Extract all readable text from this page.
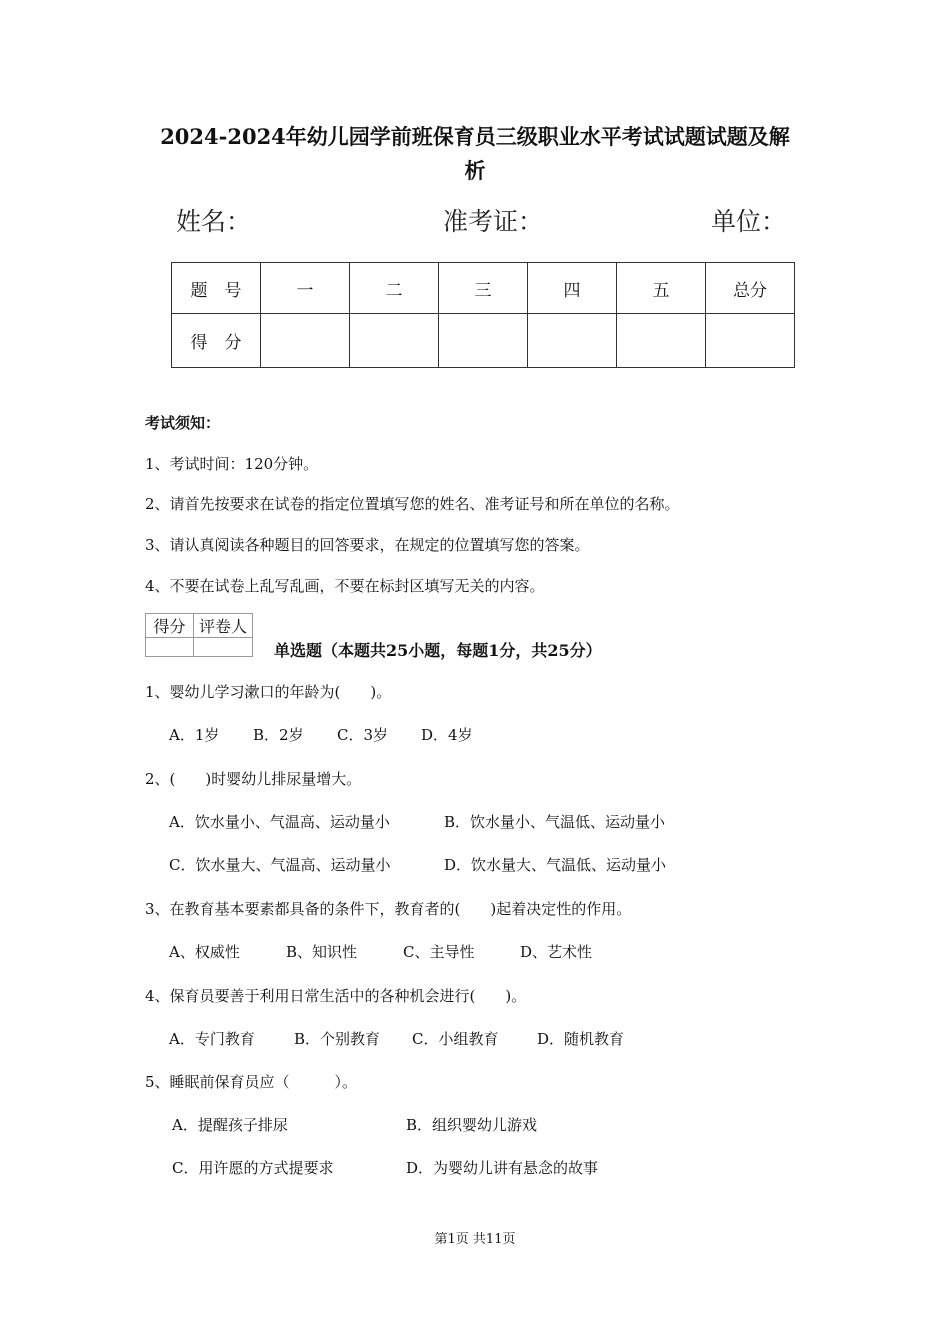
2024-2024年幼儿园学前班保育员三级职业水平考试试题试题及解
析
姓名：	准考证：	单位：
题　号	一	二	三	四	五	总分
得　分						
考试须知：
1、考试时间：120分钟。
2、请首先按要求在试卷的指定位置填写您的姓名、准考证号和所在单位的名称。
3、请认真阅读各种题目的回答要求，在规定的位置填写您的答案。
4、不要在试卷上乱写乱画，不要在标封区填写无关的内容。
得分	评卷人

单选题（本题共25小题，每题1分，共25分）
1、婴幼儿学习漱口的年龄为(　　)。
A．1岁 B．2岁 C．3岁 D．4岁
2、(　　)时婴幼儿排尿量增大。
A．饮水量小、气温高、运动量小	B．饮水量小、气温低、运动量小
C．饮水量大、气温高、运动量小	D．饮水量大、气温低、运动量小
3、在教育基本要素都具备的条件下，教育者的(　　)起着决定性的作用。
A、权威性	B、知识性	C、主导性	D、艺术性
4、保育员要善于利用日常生活中的各种机会进行(　　)。
A．专门教育	B．个别教育 C．小组教育	D．随机教育
5、睡眠前保育员应（　　　）。
A．提醒孩子排尿	B．组织婴幼儿游戏
C．用许愿的方式提要求	D．为婴幼儿讲有悬念的故事
第1页 共11页
